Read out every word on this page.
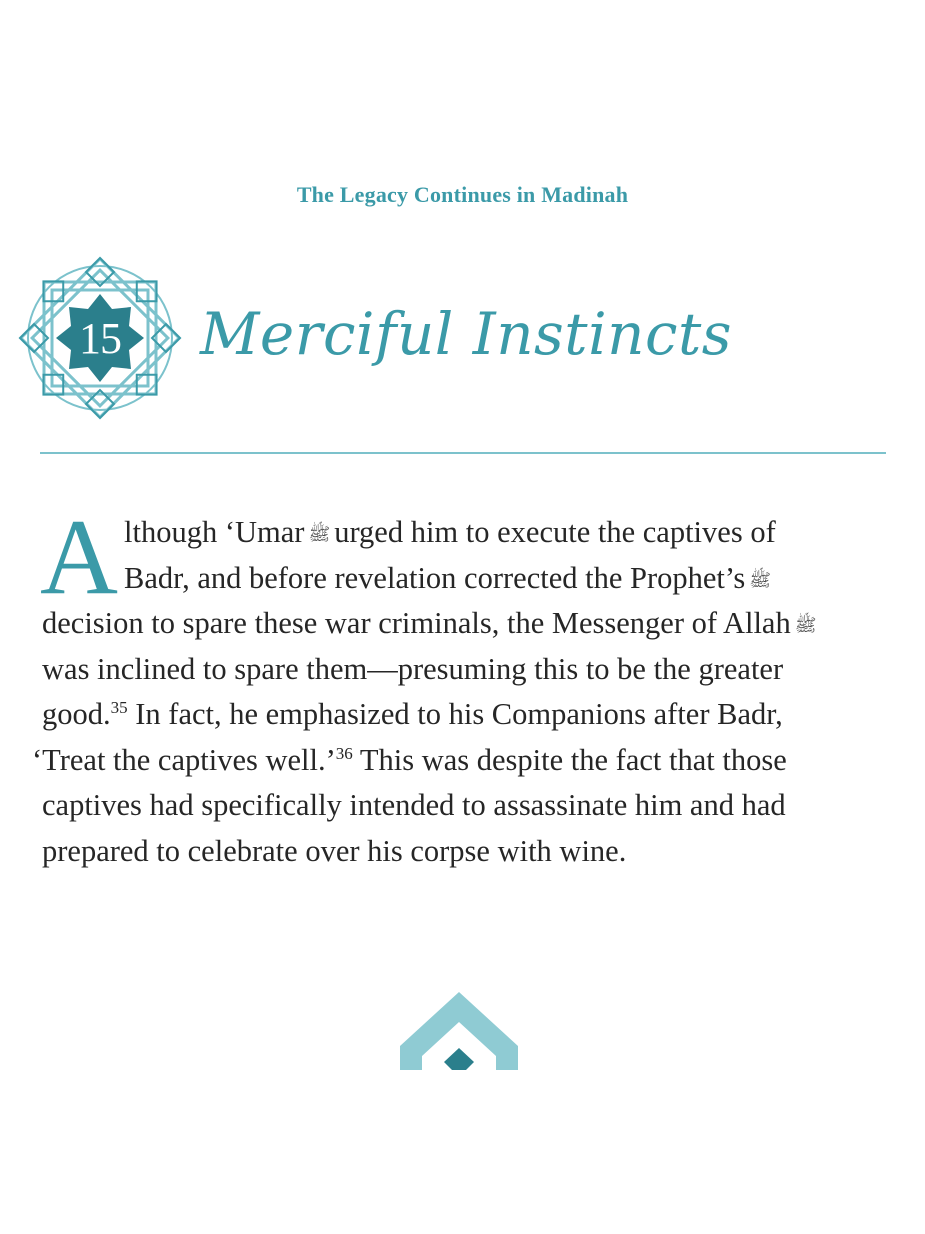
The Legacy Continues in Madinah
15	Merciful Instincts
A lthough ‘Umar ﷺ urged him to execute the captives of
Badr, and before revelation corrected the Prophet’s ﷺ
decision to spare these war criminals, the Messenger of Allah ﷺ
was inclined to spare them—presuming this to be the greater
good.$^{35}$ In fact, he emphasized to his Companions after Badr,
‘Treat the captives well.’$^{36}$ This was despite the fact that those
captives had specifically intended to assassinate him and had
prepared to celebrate over his corpse with wine.
